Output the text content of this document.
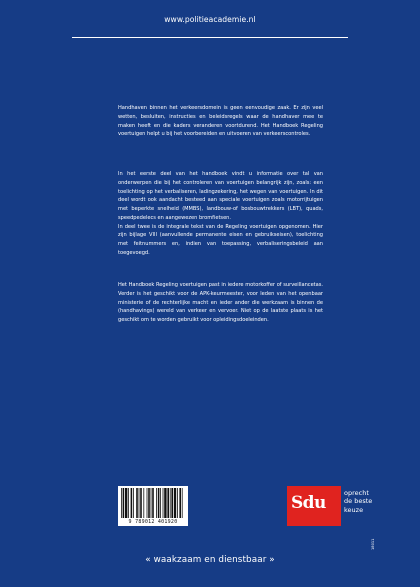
www.politieacademie.nl

Handhaven binnen het verkeersdomein is geen eenvoudige zaak. Er zijn veel wetten, besluiten, instructies en beleidsregels waar de handhaver mee te maken heeft en die kaders veranderen voortdurend. Het Handboek Regeling voertuigen helpt u bij het voorbereiden en uitvoeren van verkeerscontroles.

In het eerste deel van het handboek vindt u informatie over tal van onderwerpen die bij het controleren van voertuigen belangrijk zijn, zoals: een toelichting op het verbaliseren, ladingzekering, het wegen van voertuigen. In dit deel wordt ook aandacht besteed aan speciale voertuigen zoals motorrijtuigen met beperkte snelheid (MMBS), landbouw-of bosbouwtrekkers (LBT), quads, speedpedelecs en aangewezen bromfietsen.

In deel twee is de integrale tekst van de Regeling voertuigen opgenomen. Hier zijn bijlage VIII (aanvullende permanente eisen en gebruikseisen), toelichting met feitnummers en, indien van toepassing, verbaliseringsbeleid aan toegevoegd.

Het Handboek Regeling voertuigen past in iedere motorkoffer of surveillancetas. Verder is het geschikt voor de APK-keurmeester, voor leden van het openbaar ministerie of de rechterlijke macht en ieder ander die werkzaam is binnen de (handhavings) wereld van verkeer en vervoer. Niet op de laatste plaats is het geschikt om te worden gebruikt voor opleidingsdoeleinden.

9 789012 401920
Sdu	oprecht
de beste
keuze
18011
« waakzaam en dienstbaar »
